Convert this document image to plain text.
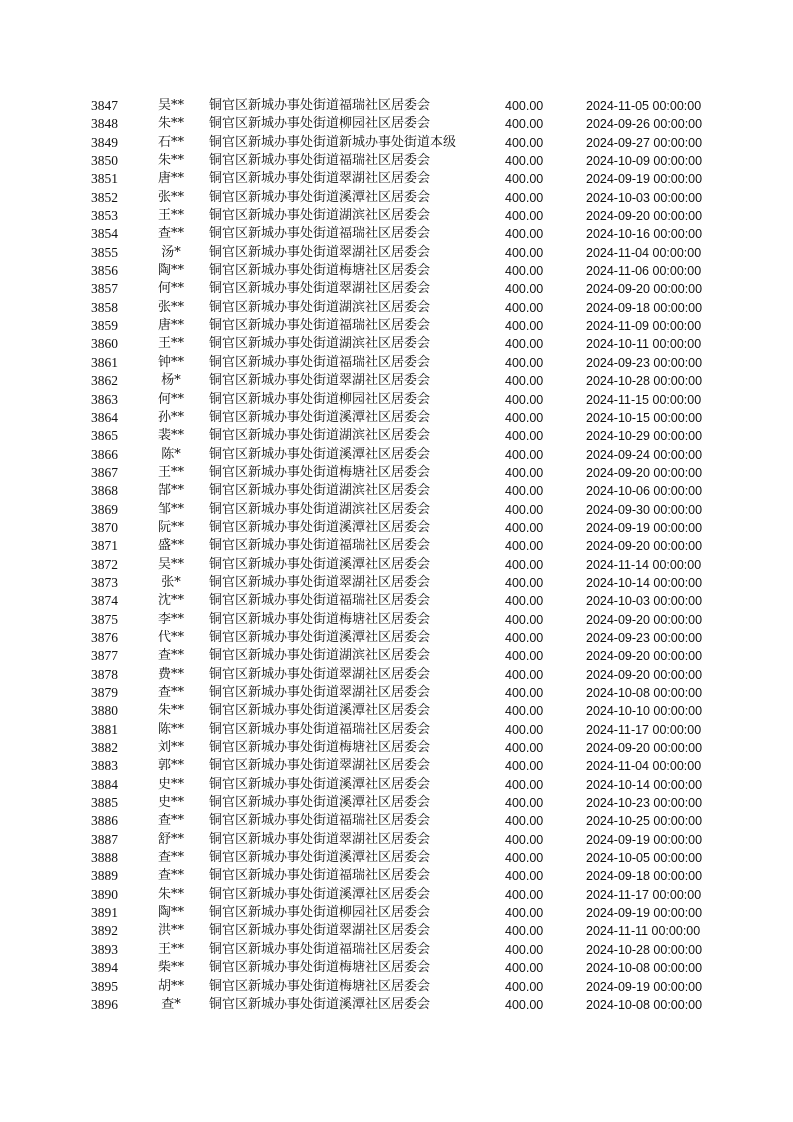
3847	吴**	铜官区新城办事处街道福瑞社区居委会	400.00	2024-11-05 00:00:00
3848	朱**	铜官区新城办事处街道柳园社区居委会	400.00	2024-09-26 00:00:00
3849	石**	铜官区新城办事处街道新城办事处街道本级	400.00	2024-09-27 00:00:00
3850	朱**	铜官区新城办事处街道福瑞社区居委会	400.00	2024-10-09 00:00:00
3851	唐**	铜官区新城办事处街道翠湖社区居委会	400.00	2024-09-19 00:00:00
3852	张**	铜官区新城办事处街道溪潭社区居委会	400.00	2024-10-03 00:00:00
3853	王**	铜官区新城办事处街道湖滨社区居委会	400.00	2024-09-20 00:00:00
3854	查**	铜官区新城办事处街道福瑞社区居委会	400.00	2024-10-16 00:00:00
3855	汤*	铜官区新城办事处街道翠湖社区居委会	400.00	2024-11-04 00:00:00
3856	陶**	铜官区新城办事处街道梅塘社区居委会	400.00	2024-11-06 00:00:00
3857	何**	铜官区新城办事处街道翠湖社区居委会	400.00	2024-09-20 00:00:00
3858	张**	铜官区新城办事处街道湖滨社区居委会	400.00	2024-09-18 00:00:00
3859	唐**	铜官区新城办事处街道福瑞社区居委会	400.00	2024-11-09 00:00:00
3860	王**	铜官区新城办事处街道湖滨社区居委会	400.00	2024-10-11 00:00:00
3861	钟**	铜官区新城办事处街道福瑞社区居委会	400.00	2024-09-23 00:00:00
3862	杨*	铜官区新城办事处街道翠湖社区居委会	400.00	2024-10-28 00:00:00
3863	何**	铜官区新城办事处街道柳园社区居委会	400.00	2024-11-15 00:00:00
3864	孙**	铜官区新城办事处街道溪潭社区居委会	400.00	2024-10-15 00:00:00
3865	裴**	铜官区新城办事处街道湖滨社区居委会	400.00	2024-10-29 00:00:00
3866	陈*	铜官区新城办事处街道溪潭社区居委会	400.00	2024-09-24 00:00:00
3867	王**	铜官区新城办事处街道梅塘社区居委会	400.00	2024-09-20 00:00:00
3868	郜**	铜官区新城办事处街道湖滨社区居委会	400.00	2024-10-06 00:00:00
3869	邹**	铜官区新城办事处街道湖滨社区居委会	400.00	2024-09-30 00:00:00
3870	阮**	铜官区新城办事处街道溪潭社区居委会	400.00	2024-09-19 00:00:00
3871	盛**	铜官区新城办事处街道福瑞社区居委会	400.00	2024-09-20 00:00:00
3872	吴**	铜官区新城办事处街道溪潭社区居委会	400.00	2024-11-14 00:00:00
3873	张*	铜官区新城办事处街道翠湖社区居委会	400.00	2024-10-14 00:00:00
3874	沈**	铜官区新城办事处街道福瑞社区居委会	400.00	2024-10-03 00:00:00
3875	李**	铜官区新城办事处街道梅塘社区居委会	400.00	2024-09-20 00:00:00
3876	代**	铜官区新城办事处街道溪潭社区居委会	400.00	2024-09-23 00:00:00
3877	查**	铜官区新城办事处街道湖滨社区居委会	400.00	2024-09-20 00:00:00
3878	费**	铜官区新城办事处街道翠湖社区居委会	400.00	2024-09-20 00:00:00
3879	查**	铜官区新城办事处街道翠湖社区居委会	400.00	2024-10-08 00:00:00
3880	朱**	铜官区新城办事处街道溪潭社区居委会	400.00	2024-10-10 00:00:00
3881	陈**	铜官区新城办事处街道福瑞社区居委会	400.00	2024-11-17 00:00:00
3882	刘**	铜官区新城办事处街道梅塘社区居委会	400.00	2024-09-20 00:00:00
3883	郭**	铜官区新城办事处街道翠湖社区居委会	400.00	2024-11-04 00:00:00
3884	史**	铜官区新城办事处街道溪潭社区居委会	400.00	2024-10-14 00:00:00
3885	史**	铜官区新城办事处街道溪潭社区居委会	400.00	2024-10-23 00:00:00
3886	查**	铜官区新城办事处街道福瑞社区居委会	400.00	2024-10-25 00:00:00
3887	舒**	铜官区新城办事处街道翠湖社区居委会	400.00	2024-09-19 00:00:00
3888	查**	铜官区新城办事处街道溪潭社区居委会	400.00	2024-10-05 00:00:00
3889	查**	铜官区新城办事处街道福瑞社区居委会	400.00	2024-09-18 00:00:00
3890	朱**	铜官区新城办事处街道溪潭社区居委会	400.00	2024-11-17 00:00:00
3891	陶**	铜官区新城办事处街道柳园社区居委会	400.00	2024-09-19 00:00:00
3892	洪**	铜官区新城办事处街道翠湖社区居委会	400.00	2024-11-11 00:00:00
3893	王**	铜官区新城办事处街道福瑞社区居委会	400.00	2024-10-28 00:00:00
3894	柴**	铜官区新城办事处街道梅塘社区居委会	400.00	2024-10-08 00:00:00
3895	胡**	铜官区新城办事处街道梅塘社区居委会	400.00	2024-09-19 00:00:00
3896	查*	铜官区新城办事处街道溪潭社区居委会	400.00	2024-10-08 00:00:00
